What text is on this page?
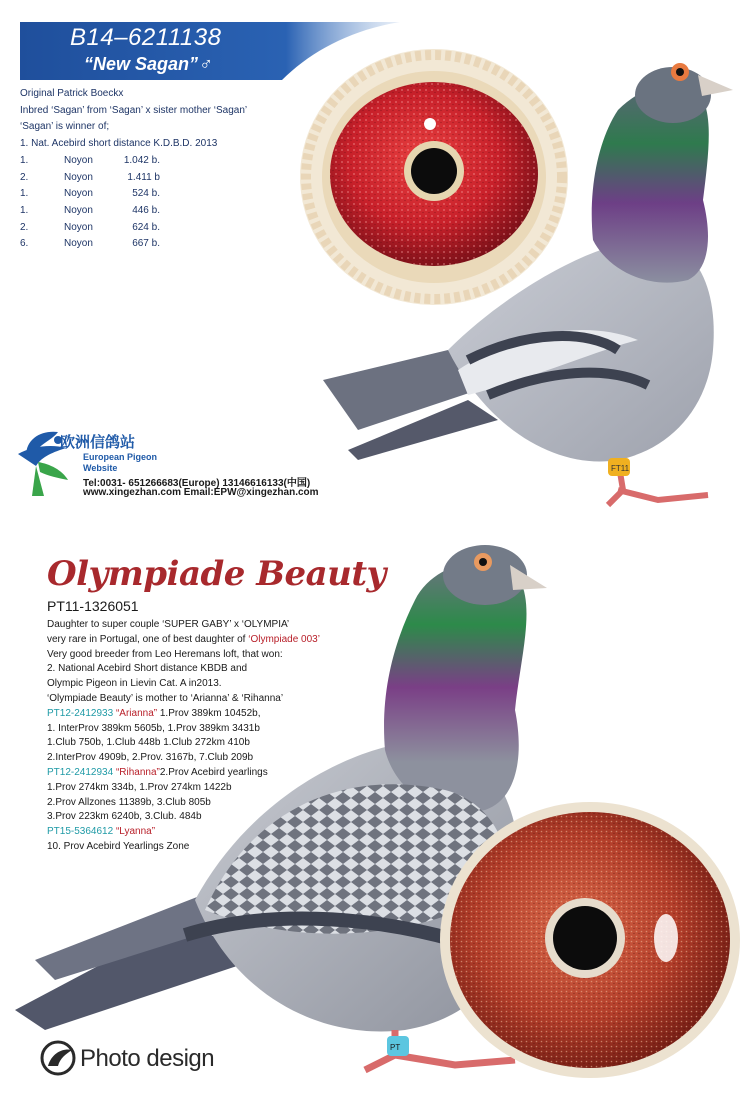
B14–6211138
“New Sagan”♂
FT11
Original Patrick Boeckx
Inbred ‘Sagan’ from ‘Sagan’ x sister mother ‘Sagan’
‘Sagan’ is winner of;
1. Nat. Acebird short distance K.D.B.D. 2013
1.	Noyon	1.042 b.
2.	Noyon	1.411 b
1.	Noyon	524 b.
1.	Noyon	446 b.
2.	Noyon	624 b.
6.	Noyon	667 b.
欧洲信鸽站
European Pigeon
Website
Tel:0031- 651266683(Europe) 13146616133(中国)
www.xingezhan.com Email:EPW@xingezhan.com
PT
Olympiade Beauty
PT11-1326051
Daughter to super couple ‘SUPER GABY’ x ‘OLYMPIA’
very rare in Portugal, one of best daughter of ‘Olympiade 003’
Very good breeder from Leo Heremans loft, that won:
2. National Acebird Short distance KBDB and
Olympic Pigeon in Lievin Cat. A in2013.
‘Olympiade Beauty’ is mother to ‘Arianna’ & ‘Rihanna’
PT12-2412933 “Arianna” 1.Prov 389km 10452b,
1. InterProv 389km 5605b, 1.Prov 389km 3431b
1.Club 750b, 1.Club 448b 1.Club 272km 410b
2.InterProv 4909b, 2.Prov. 3167b, 7.Club 209b
PT12-2412934 “Rihanna”2.Prov Acebird yearlings
1.Prov 274km 334b, 1.Prov 274km 1422b
2.Prov Allzones 11389b, 3.Club 805b
3.Prov 223km 6240b, 3.Club. 484b
PT15-5364612 “Lyanna”
10. Prov Acebird Yearlings Zone
Photo design
